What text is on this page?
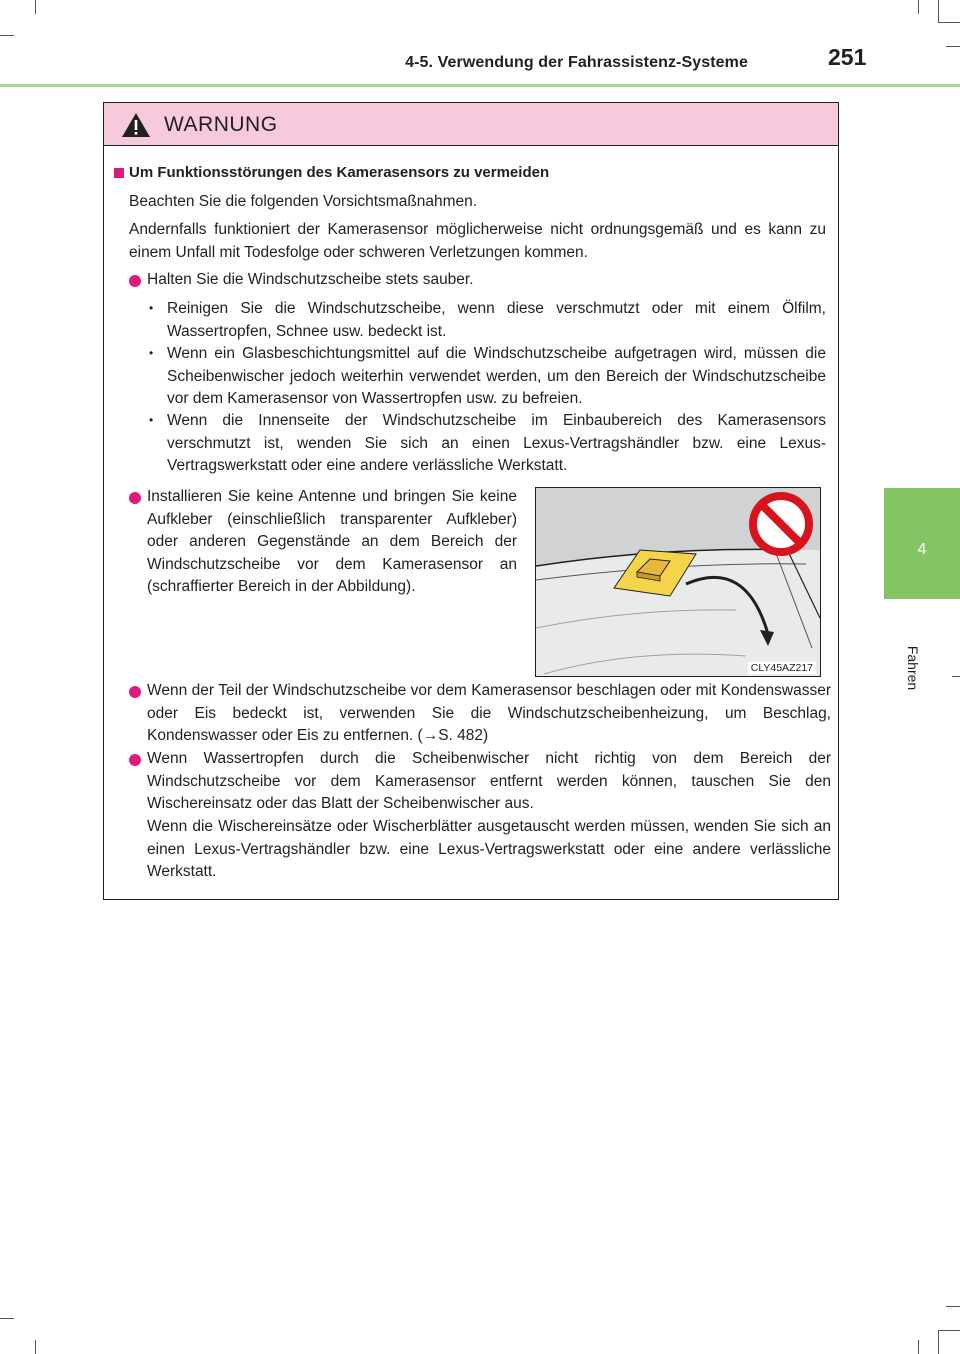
4-5. Verwendung der Fahrassistenz-Systeme	251
4
Fahren
WARNUNG
Um Funktionsstörungen des Kamerasensors zu vermeiden
Beachten Sie die folgenden Vorsichtsmaßnahmen.
Andernfalls funktioniert der Kamerasensor möglicherweise nicht ordnungsgemäß und es kann zu einem Unfall mit Todesfolge oder schweren Verletzungen kommen.
Halten Sie die Windschutzscheibe stets sauber.
• Reinigen Sie die Windschutzscheibe, wenn diese verschmutzt oder mit einem Ölfilm, Wassertropfen, Schnee usw. bedeckt ist.
• Wenn ein Glasbeschichtungsmittel auf die Windschutzscheibe aufgetragen wird, müssen die Scheibenwischer jedoch weiterhin verwendet werden, um den Bereich der Windschutzscheibe vor dem Kamerasensor von Wassertropfen usw. zu befreien.
• Wenn die Innenseite der Windschutzscheibe im Einbaubereich des Kamerasensors verschmutzt ist, wenden Sie sich an einen Lexus-Vertragshändler bzw. eine Lexus-Vertragswerkstatt oder eine andere verlässliche Werkstatt.
Installieren Sie keine Antenne und bringen Sie keine Aufkleber (einschließlich transparenter Aufkleber) oder anderen Gegenstände an dem Bereich der Windschutzscheibe vor dem Kamerasensor an (schraffierter Bereich in der Abbildung).
CLY45AZ217
Wenn der Teil der Windschutzscheibe vor dem Kamerasensor beschlagen oder mit Kondenswasser oder Eis bedeckt ist, verwenden Sie die Windschutzscheibenheizung, um Beschlag, Kondenswasser oder Eis zu entfernen. (→S. 482)
Wenn Wassertropfen durch die Scheibenwischer nicht richtig von dem Bereich der Windschutzscheibe vor dem Kamerasensor entfernt werden können, tauschen Sie den Wischereinsatz oder das Blatt der Scheibenwischer aus.
Wenn die Wischereinsätze oder Wischerblätter ausgetauscht werden müssen, wenden Sie sich an einen Lexus-Vertragshändler bzw. eine Lexus-Vertragswerkstatt oder eine andere verlässliche Werkstatt.
